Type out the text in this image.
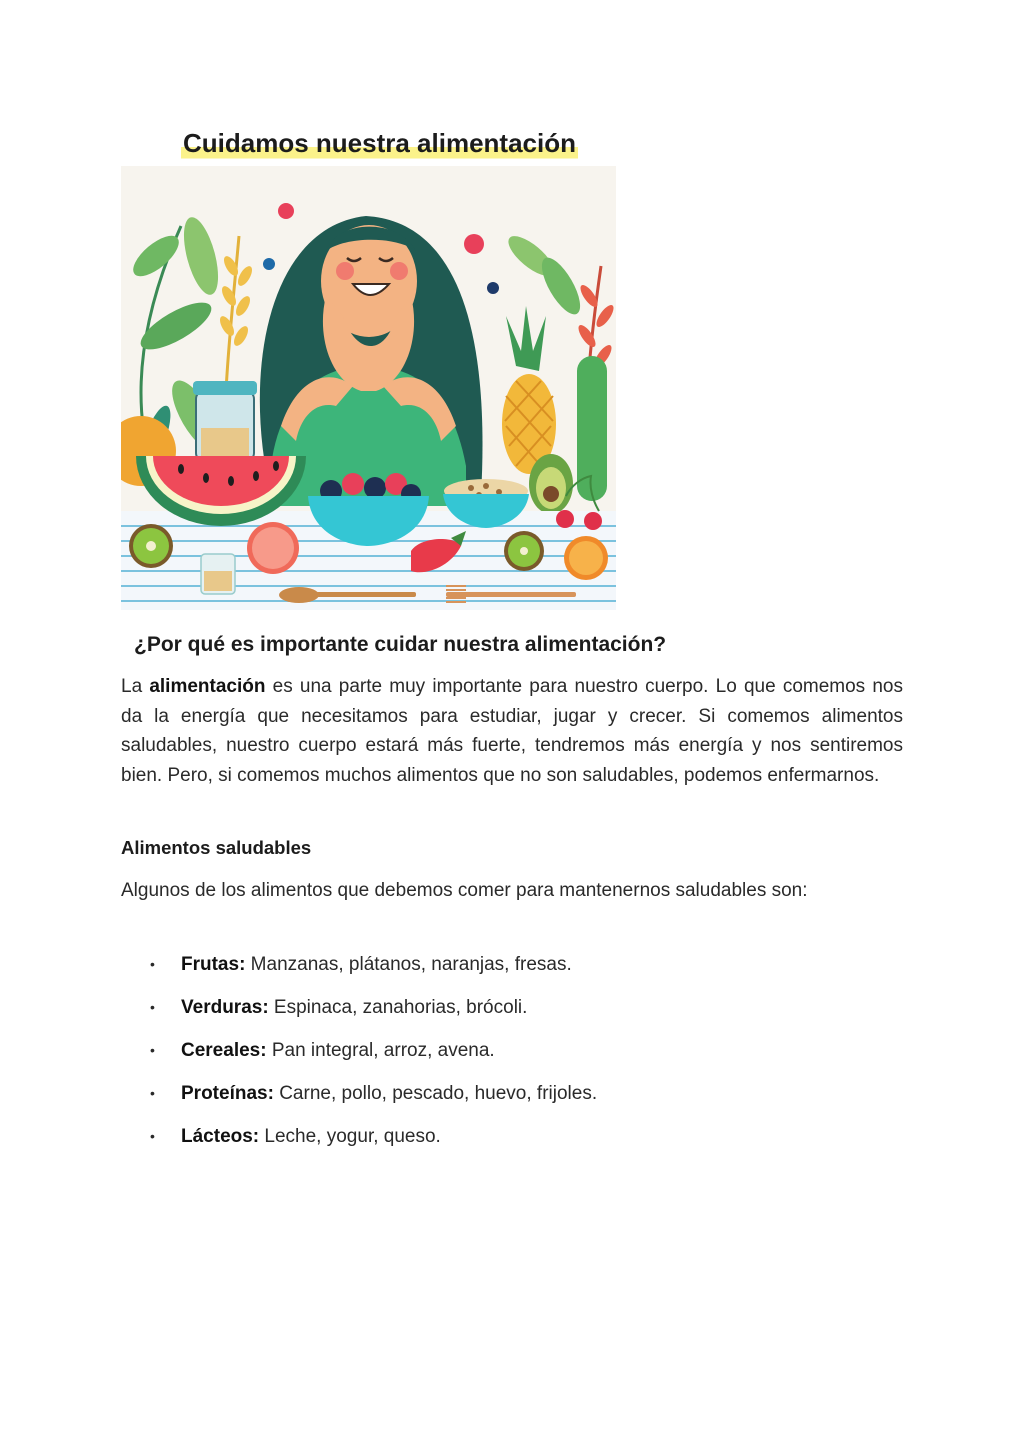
Cuidamos nuestra alimentación
¿Por qué es importante cuidar nuestra alimentación?

La alimentación es una parte muy importante para nuestro cuerpo. Lo que comemos nos da la energía que necesitamos para estudiar, jugar y crecer. Si comemos alimentos saludables, nuestro cuerpo estará más fuerte, tendremos más energía y nos sentiremos bien. Pero, si comemos muchos alimentos que no son saludables, podemos enfermarnos.

Alimentos saludables

Algunos de los alimentos que debemos comer para mantenernos saludables son:

• Frutas: Manzanas, plátanos, naranjas, fresas.
• Verduras: Espinaca, zanahorias, brócoli.
• Cereales: Pan integral, arroz, avena.
• Proteínas: Carne, pollo, pescado, huevo, frijoles.
• Lácteos: Leche, yogur, queso.
